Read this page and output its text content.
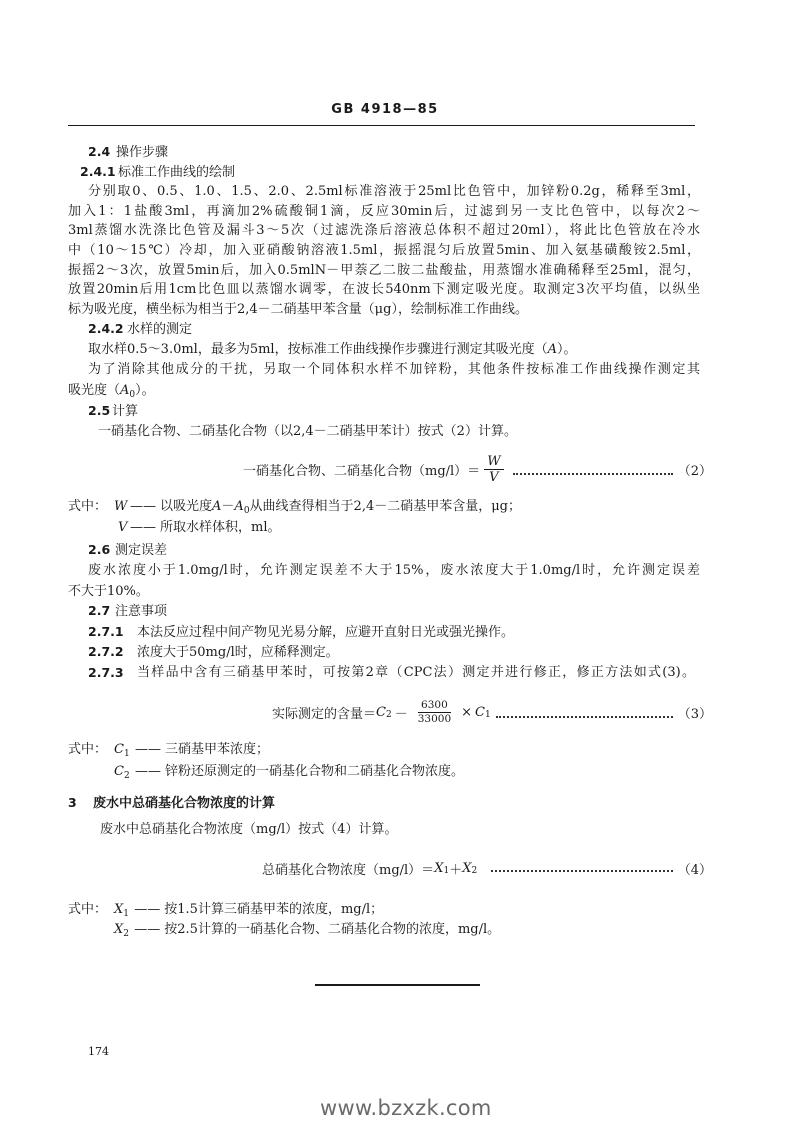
GB 4918—85
2.4 操作步骤
2.4.1 标准工作曲线的绘制
分别取0、0.5、1.0、1.5、2.0、2.5ml标准溶液于25ml比色管中，加锌粉0.2g，稀释至3ml，
加入1：1盐酸3ml，再滴加2%硫酸铜1滴，反应30min后，过滤到另一支比色管中，以每次2～
3ml蒸馏水洗涤比色管及漏斗3～5次（过滤洗涤后溶液总体积不超过20ml），将此比色管放在冷水
中（10～15℃）冷却，加入亚硝酸钠溶液1.5ml，振摇混匀后放置5min、加入氨基磺酸铵2.5ml，
振摇2～3次，放置5min后，加入0.5mlN－甲萘乙二胺二盐酸盐，用蒸馏水准确稀释至25ml，混匀，
放置20min后用1cm比色皿以蒸馏水调零，在波长540nm下测定吸光度。取测定3次平均值，以纵坐
标为吸光度，横坐标为相当于2,4－二硝基甲苯含量（μg），绘制标准工作曲线。
2.4.2 水样的测定
取水样0.5～3.0ml，最多为5ml，按标准工作曲线操作步骤进行测定其吸光度（A）。
为了消除其他成分的干扰，另取一个同体积水样不加锌粉，其他条件按标准工作曲线操作测定其
吸光度$(A_0)$。
2.5 计算
一硝基化合物、二硝基化合物（以2,4－二硝基甲苯计）按式（2）计算。
一硝基化合物、二硝基化合物$(mg/l)= \frac{W}{V}$	（2）
式中： W —— 以吸光度$A-A_0$从曲线查得相当于2,4－二硝基甲苯含量，μg；
V —— 所取水样体积，ml。
2.6 测定误差
废水浓度小于1.0mg/l时，允许测定误差不大于15%，废水浓度大于1.0mg/l时，允许测定误差
不大于10%。
2.7 注意事项
2.7.1 本法反应过程中间产物见光易分解，应避开直射日光或强光操作。
2.7.2 浓度大于50mg/l时，应稀释测定。
2.7.3 当样品中含有三硝基甲苯时，可按第2章（CPC法）测定并进行修正，修正方法如式(3)。
实际测定的含量＝ C $2 - \frac{6300}{33000} \times C$ 1	（3）
式中： C1 —— 三硝基甲苯浓度；
C2 —— 锌粉还原测定的一硝基化合物和二硝基化合物浓度。
3 废水中总硝基化合物浓度的计算
废水中总硝基化合物浓度（mg/l）按式（4）计算。
总硝基化合物浓度（mg/l）＝ X 1 ＋ X 2	（4）
式中： X1 —— 按1.5计算三硝基甲苯的浓度，mg/l；
X2 —— 按2.5计算的一硝基化合物、二硝基化合物的浓度，mg/l。
174
www.bzxzk.com
